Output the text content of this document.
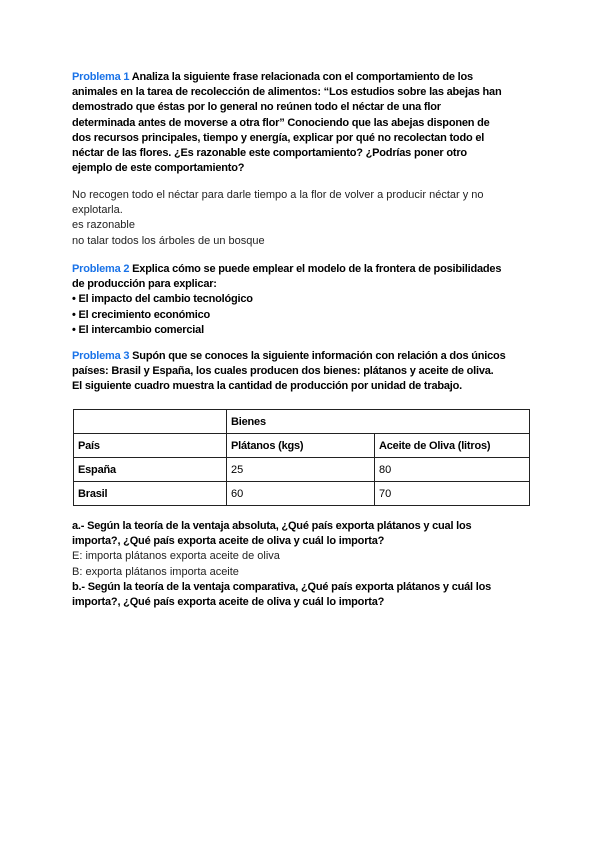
Problema 1 Analiza la siguiente frase relacionada con el comportamiento de los
animales en la tarea de recolección de alimentos: “Los estudios sobre las abejas han
demostrado que éstas por lo general no reúnen todo el néctar de una flor
determinada antes de moverse a otra flor” Conociendo que las abejas disponen de
dos recursos principales, tiempo y energía, explicar por qué no recolectan todo el
néctar de las flores. ¿Es razonable este comportamiento? ¿Podrías poner otro
ejemplo de este comportamiento?
No recogen todo el néctar para darle tiempo a la flor de volver a producir néctar y no
explotarla.
es razonable
no talar todos los árboles de un bosque
Problema 2 Explica cómo se puede emplear el modelo de la frontera de posibilidades
de producción para explicar:
• El impacto del cambio tecnológico
• El crecimiento económico
• El intercambio comercial
Problema 3 Supón que se conoces la siguiente información con relación a dos únicos
países: Brasil y España, los cuales producen dos bienes: plátanos y aceite de oliva.
El siguiente cuadro muestra la cantidad de producción por unidad de trabajo.
	Bienes	
País	Plátanos (kgs)	Aceite de Oliva (litros)
España	25	80
Brasil	60	70
a.- Según la teoría de la ventaja absoluta, ¿Qué país exporta plátanos y cual los
importa?, ¿Qué país exporta aceite de oliva y cuál lo importa?
E: importa plátanos exporta aceite de oliva
B: exporta plátanos importa aceite
b.- Según la teoría de la ventaja comparativa, ¿Qué país exporta plátanos y cuál los
importa?, ¿Qué país exporta aceite de oliva y cuál lo importa?
